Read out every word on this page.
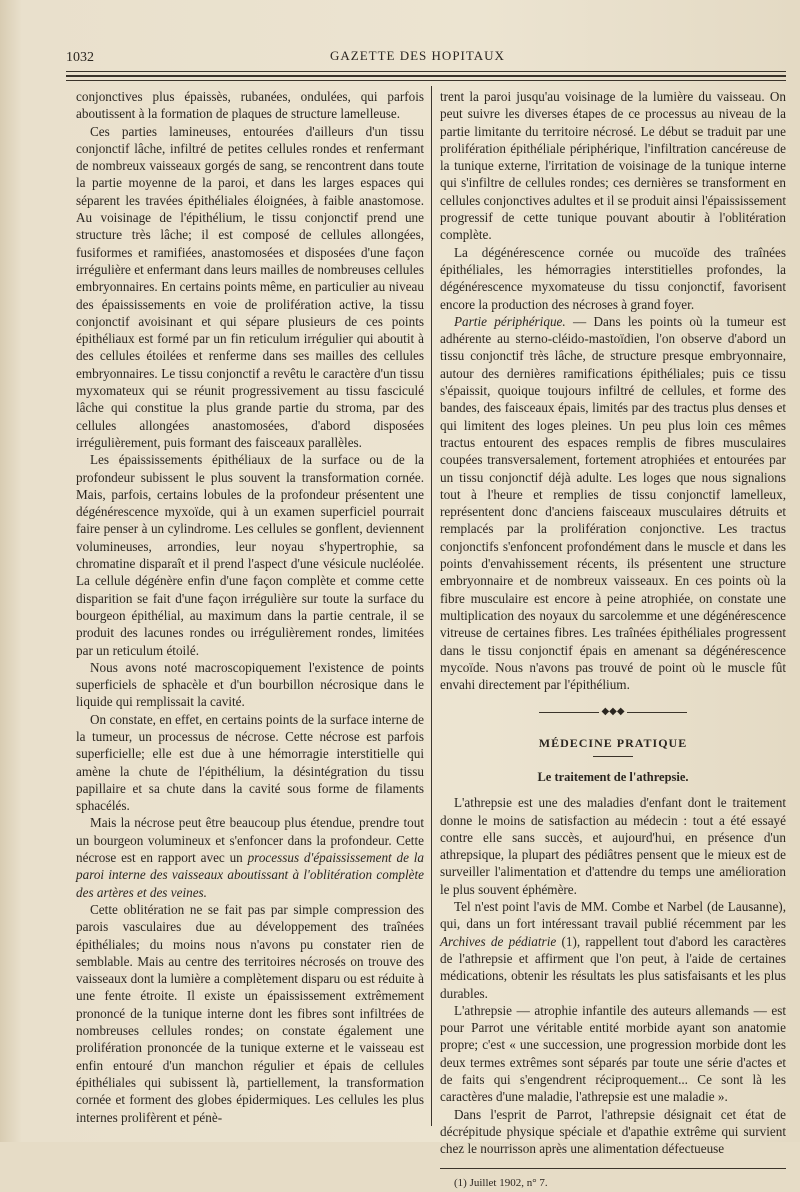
1032	GAZETTE DES HOPITAUX

conjonctives plus épaissès, rubanées, ondulées, qui parfois aboutissent à la formation de plaques de structure lamelleuse.

Ces parties lamineuses, entourées d'ailleurs d'un tissu conjonctif lâche, infiltré de petites cellules rondes et renfermant de nombreux vaisseaux gorgés de sang, se rencontrent dans toute la partie moyenne de la paroi, et dans les larges espaces qui séparent les travées épithéliales éloignées, à faible anastomose. Au voisinage de l'épithélium, le tissu conjonctif prend une structure très lâche; il est composé de cellules allongées, fusiformes et ramifiées, anastomosées et disposées d'une façon irrégulière et enfermant dans leurs mailles de nombreuses cellules embryonnaires. En certains points même, en particulier au niveau des épaississements en voie de prolifération active, la tissu conjonctif avoisinant et qui sépare plusieurs de ces points épithéliaux est formé par un fin reticulum irrégulier qui aboutit à des cellules étoilées et renferme dans ses mailles des cellules embryonnaires. Le tissu conjonctif a revêtu le caractère d'un tissu myxomateux qui se réunit progressivement au tissu fasciculé lâche qui constitue la plus grande partie du stroma, par des cellules allongées anastomosées, d'abord disposées irrégulièrement, puis formant des faisceaux parallèles.

Les épaississements épithéliaux de la surface ou de la profondeur subissent le plus souvent la transformation cornée. Mais, parfois, certains lobules de la profondeur présentent une dégénérescence myxoïde, qui à un examen superficiel pourrait faire penser à un cylindrome. Les cellules se gonflent, deviennent volumineuses, arrondies, leur noyau s'hypertrophie, sa chromatine disparaît et il prend l'aspect d'une vésicule nucléolée. La cellule dégénère enfin d'une façon complète et comme cette disparition se fait d'une façon irrégulière sur toute la surface du bourgeon épithélial, au maximum dans la partie centrale, il se produit des lacunes rondes ou irrégulièrement rondes, limitées par un reticulum étoilé.

Nous avons noté macroscopiquement l'existence de points superficiels de sphacèle et d'un bourbillon nécrosique dans le liquide qui remplissait la cavité.

On constate, en effet, en certains points de la surface interne de la tumeur, un processus de nécrose. Cette nécrose est parfois superficielle; elle est due à une hémorragie interstitielle qui amène la chute de l'épithélium, la désintégration du tissu papillaire et sa chute dans la cavité sous forme de filaments sphacélés.

Mais la nécrose peut être beaucoup plus étendue, prendre tout un bourgeon volumineux et s'enfoncer dans la profondeur. Cette nécrose est en rapport avec un processus d'épaississement de la paroi interne des vaisseaux aboutissant à l'oblitération complète des artères et des veines.

Cette oblitération ne se fait pas par simple compression des parois vasculaires due au développement des traînées épithéliales; du moins nous n'avons pu constater rien de semblable. Mais au centre des territoires nécrosés on trouve des vaisseaux dont la lumière a complètement disparu ou est réduite à une fente étroite. Il existe un épaississement extrêmement prononcé de la tunique interne dont les fibres sont infiltrées de nombreuses cellules rondes; on constate également une prolifération prononcée de la tunique externe et le vaisseau est enfin entouré d'un manchon régulier et épais de cellules épithéliales qui subissent là, partiellement, la transformation cornée et forment des globes épidermiques. Les cellules les plus internes prolifèrent et pénè-

trent la paroi jusqu'au voisinage de la lumière du vaisseau. On peut suivre les diverses étapes de ce processus au niveau de la partie limitante du territoire nécrosé. Le début se traduit par une prolifération épithéliale périphérique, l'infiltration cancéreuse de la tunique externe, l'irritation de voisinage de la tunique interne qui s'infiltre de cellules rondes; ces dernières se transforment en cellules conjonctives adultes et il se produit ainsi l'épaississement progressif de cette tunique pouvant aboutir à l'oblitération complète.

La dégénérescence cornée ou mucoïde des traînées épithéliales, les hémorragies interstitielles profondes, la dégénérescence myxomateuse du tissu conjonctif, favorisent encore la production des nécroses à grand foyer.

Partie périphérique. — Dans les points où la tumeur est adhérente au sterno-cléido-mastoïdien, l'on observe d'abord un tissu conjonctif très lâche, de structure presque embryonnaire, autour des dernières ramifications épithéliales; puis ce tissu s'épaissit, quoique toujours infiltré de cellules, et forme des bandes, des faisceaux épais, limités par des tractus plus denses et qui limitent des loges pleines. Un peu plus loin ces mêmes tractus entourent des espaces remplis de fibres musculaires coupées transversalement, fortement atrophiées et entourées par un tissu conjonctif déjà adulte. Les loges que nous signalions tout à l'heure et remplies de tissu conjonctif lamelleux, représentent donc d'anciens faisceaux musculaires détruits et remplacés par la prolifération conjonctive. Les tractus conjonctifs s'enfoncent profondément dans le muscle et dans les points d'envahissement récents, ils présentent une structure embryonnaire et de nombreux vaisseaux. En ces points où la fibre musculaire est encore à peine atrophiée, on constate une multiplication des noyaux du sarcolemme et une dégénérescence vitreuse de certaines fibres. Les traînées épithéliales progressent dans le tissu conjonctif épais en amenant sa dégénérescence mycoïde. Nous n'avons pas trouvé de point où le muscle fût envahi directement par l'épithélium.

◆◆◆
MÉDECINE PRATIQUE
Le traitement de l'athrepsie.

L'athrepsie est une des maladies d'enfant dont le traitement donne le moins de satisfaction au médecin : tout a été essayé contre elle sans succès, et aujourd'hui, en présence d'un athrepsique, la plupart des pédiâtres pensent que le mieux est de surveiller l'alimentation et d'attendre du temps une amélioration le plus souvent éphémère.

Tel n'est point l'avis de MM. Combe et Narbel (de Lausanne), qui, dans un fort intéressant travail publié récemment par les Archives de pédiatrie (1), rappellent tout d'abord les caractères de l'athrepsie et affirment que l'on peut, à l'aide de certaines médications, obtenir les résultats les plus satisfaisants et les plus durables.

L'athrepsie — atrophie infantile des auteurs allemands — est pour Parrot une véritable entité morbide ayant son anatomie propre; c'est « une succession, une progression morbide dont les deux termes extrêmes sont séparés par toute une série d'actes et de faits qui s'engendrent réciproquement... Ce sont là les caractères d'une maladie, l'athrepsie est une maladie ».

Dans l'esprit de Parrot, l'athrepsie désignait cet état de décrépitude physique spéciale et d'apathie extrême qui survient chez le nourrisson après une alimentation défectueuse

(1) Juillet 1902, n° 7.
